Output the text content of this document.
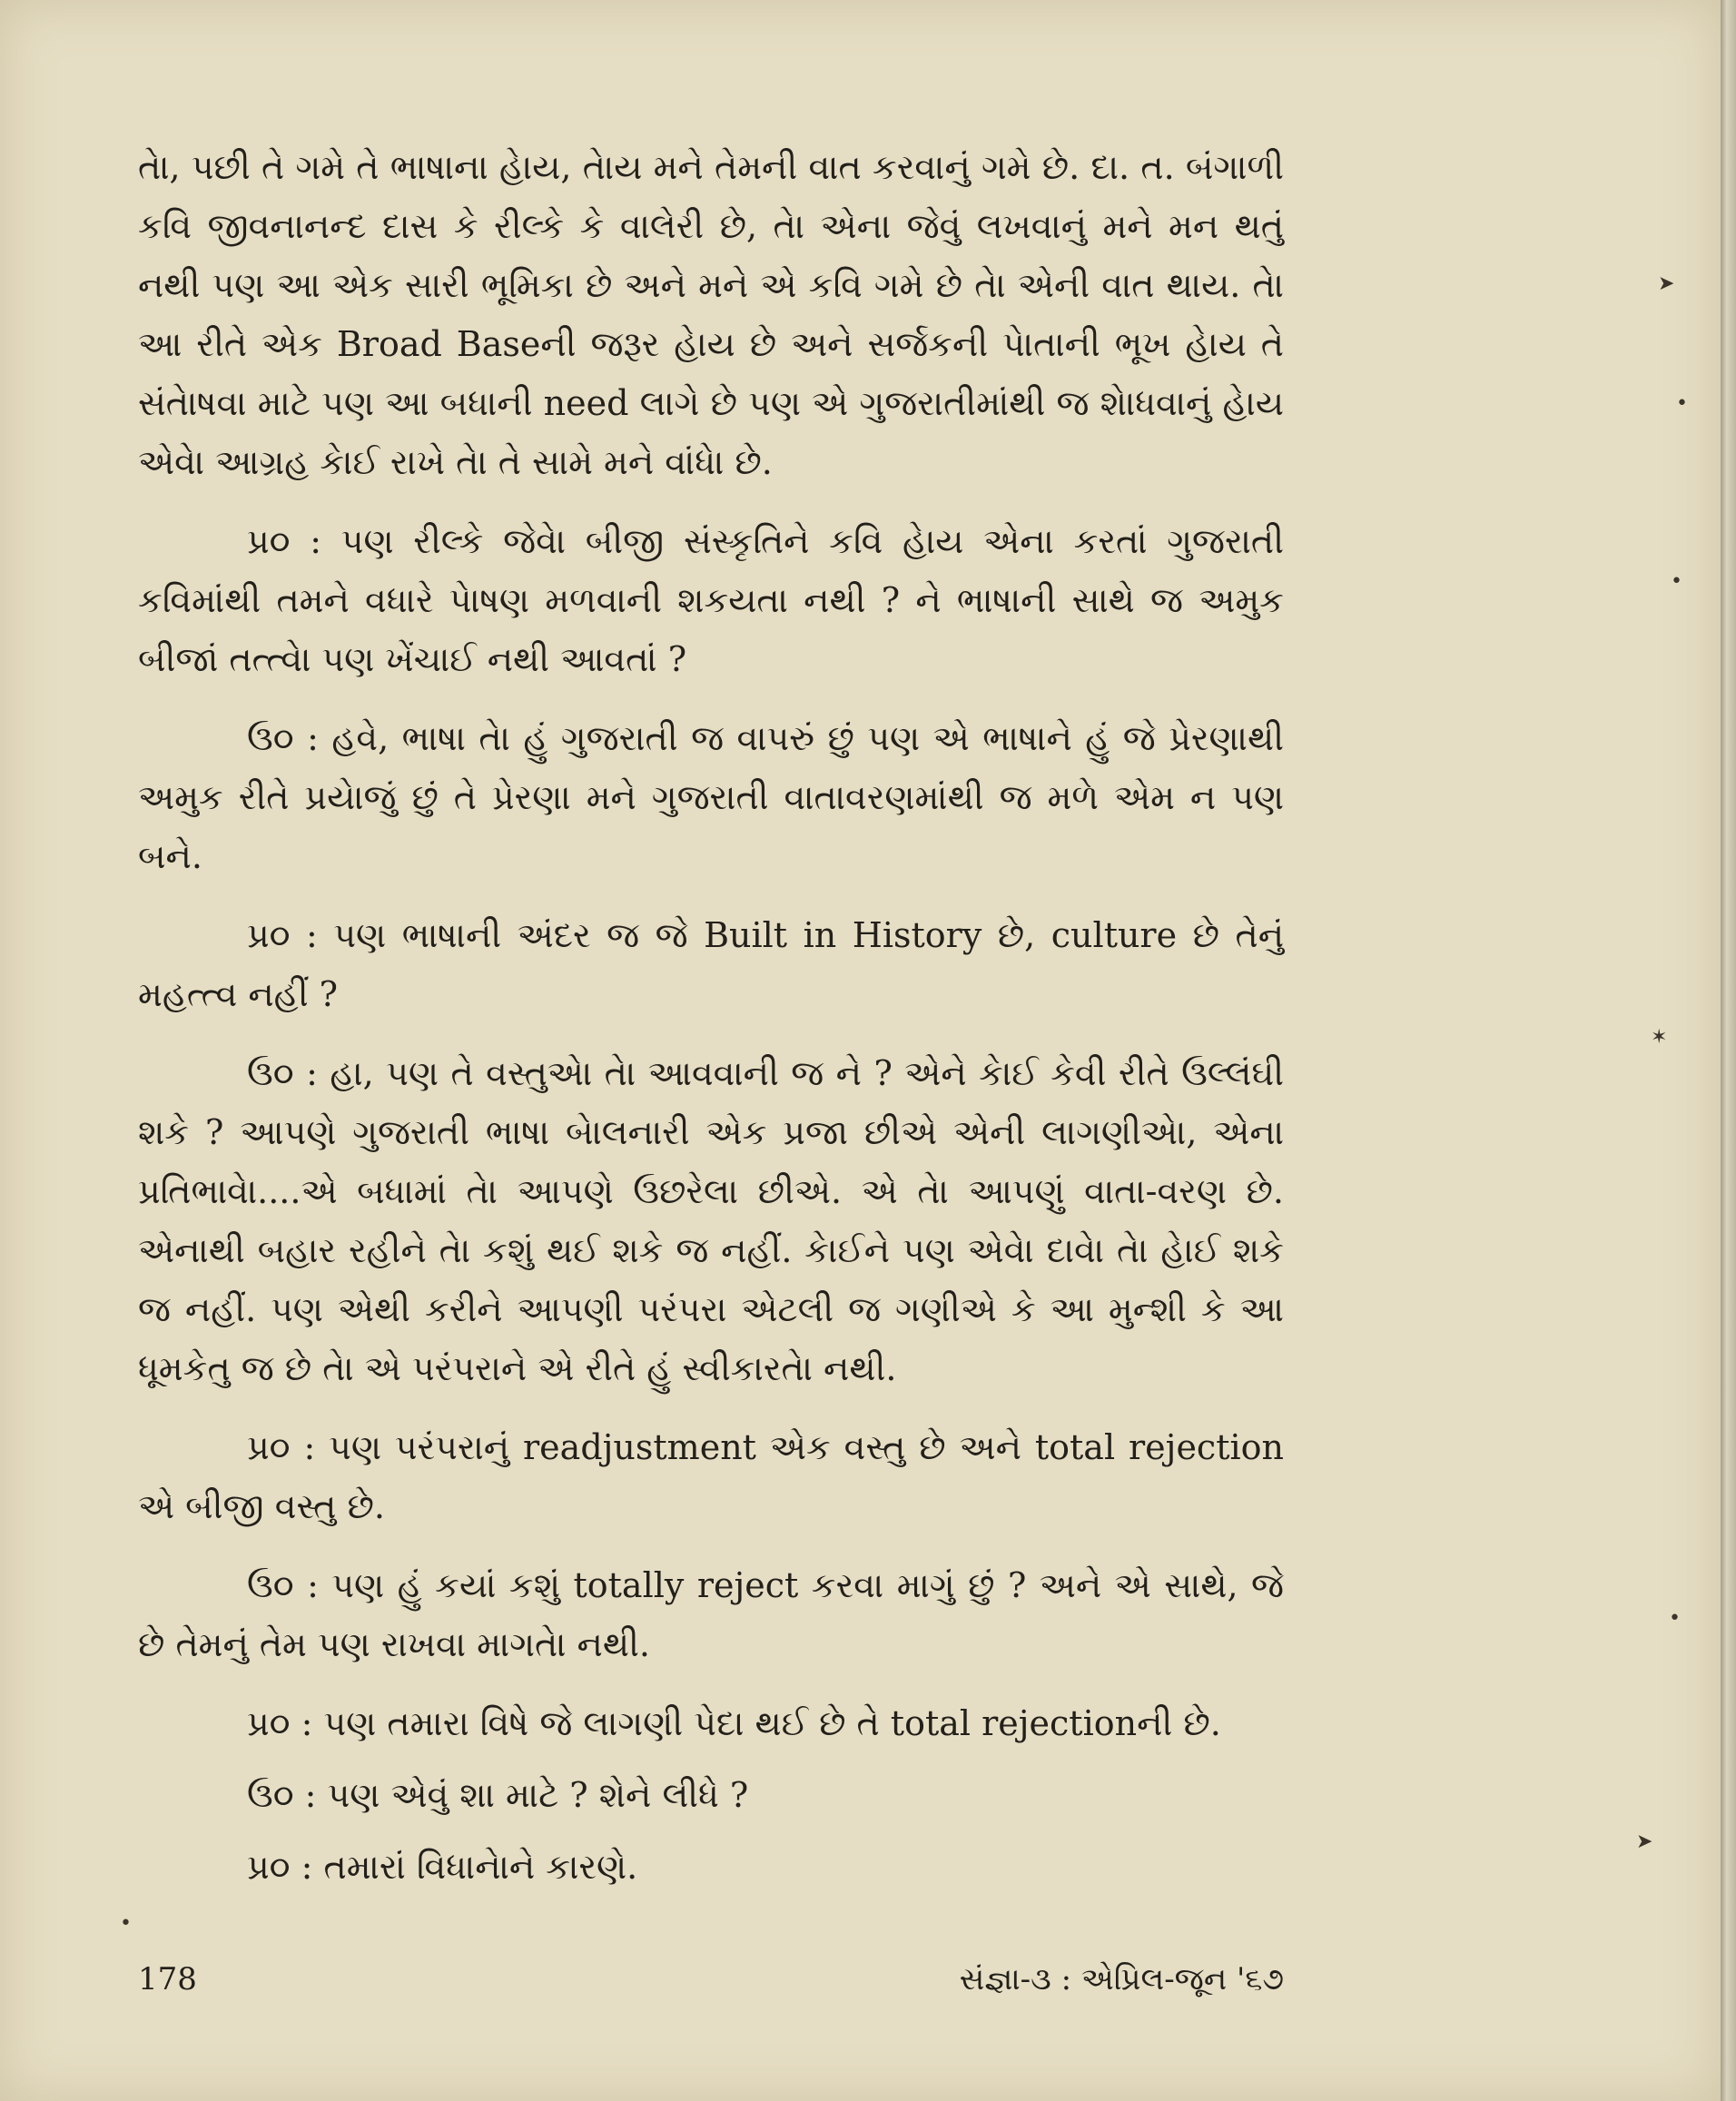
તેા, પછી તે ગમે તે ભાષાના હેાય, તેાય મને તેમની વાત કરવાનું ગમે છે. દા. ત. બંગાળી કવિ જીવનાનન્દ દાસ કે રીલ્કે કે વાલેરી છે, તેા એના જેવું લખવાનું મને મન થતું નથી પણ આ એક સારી ભૂમિકા છે અને મને એ કવિ ગમે છે તેા એની વાત થાય. તેા આ રીતે એક Broad Baseની જરૂર હેાય છે અને સર્જકની પેાતાની ભૂખ હેાય તે સંતેાષવા માટે પણ આ બધાની need લાગે છે પણ એ ગુજરાતીમાંથી જ શેાધવાનું હેાય એવેા આગ્રહ કેાઈ રાખે તેા તે સામે મને વાંધેા છે.

પ્ર૦ : પણ રીલ્કે જેવેા બીજી સંસ્કૃતિને કવિ હેાય એના કરતાં ગુજરાતી કવિમાંથી તમને વધારે પેાષણ મળવાની શકયતા નથી ? ને ભાષાની સાથે જ અમુક બીજાં તત્ત્વેા પણ ખેંચાઈ નથી આવતાં ?

ઉ૦ : હવે, ભાષા તેા હું ગુજરાતી જ વાપરું છું પણ એ ભાષાને હું જે પ્રેરણાથી અમુક રીતે પ્રયેાજું છું તે પ્રેરણા મને ગુજરાતી વાતાવરણમાંથી જ મળે એમ ન પણ બને.

પ્ર૦ : પણ ભાષાની અંદર જ જે Built in History છે, culture છે તેનું મહત્ત્વ નહીં ?

ઉ૦ : હા, પણ તે વસ્તુએા તેા આવવાની જ ને ? એને કેાઈ કેવી રીતે ઉલ્લંઘી શકે ? આપણે ગુજરાતી ભાષા બેાલનારી એક પ્રજા છીએ એની લાગણીએા, એના પ્રતિભાવેા....એ બધામાં તેા આપણે ઉછરેલા છીએ. એ તેા આપણું વાતા-વરણ છે. એનાથી બહાર રહીને તેા કશું થઈ શકે જ નહીં. કેાઈને પણ એવેા દાવેા તેા હેાઈ શકે જ નહીં. પણ એથી કરીને આપણી પરંપરા એટલી જ ગણીએ કે આ મુન્શી કે આ ધૂમકેતુ જ છે તેા એ પરંપરાને એ રીતે હું સ્વીકારતેા નથી.

પ્ર૦ : પણ પરંપરાનું readjustment એક વસ્તુ છે અને total rejection એ બીજી વસ્તુ છે.

ઉ૦ : પણ હું કયાં કશું totally reject કરવા માગું છું ? અને એ સાથે, જે છે તેમનું તેમ પણ રાખવા માગતેા નથી.

પ્ર૦ : પણ તમારા વિષે જે લાગણી પેદા થઈ છે તે total rejectionની છે.

ઉ૦ : પણ એવું શા માટે ? શેને લીધે ?

પ્ર૦ : તમારાં વિધાનેાને કારણે.

178	સંજ્ઞા-૩ : એપ્રિલ-જૂન '૬૭
➤
•
•
✶
•
➤
•
